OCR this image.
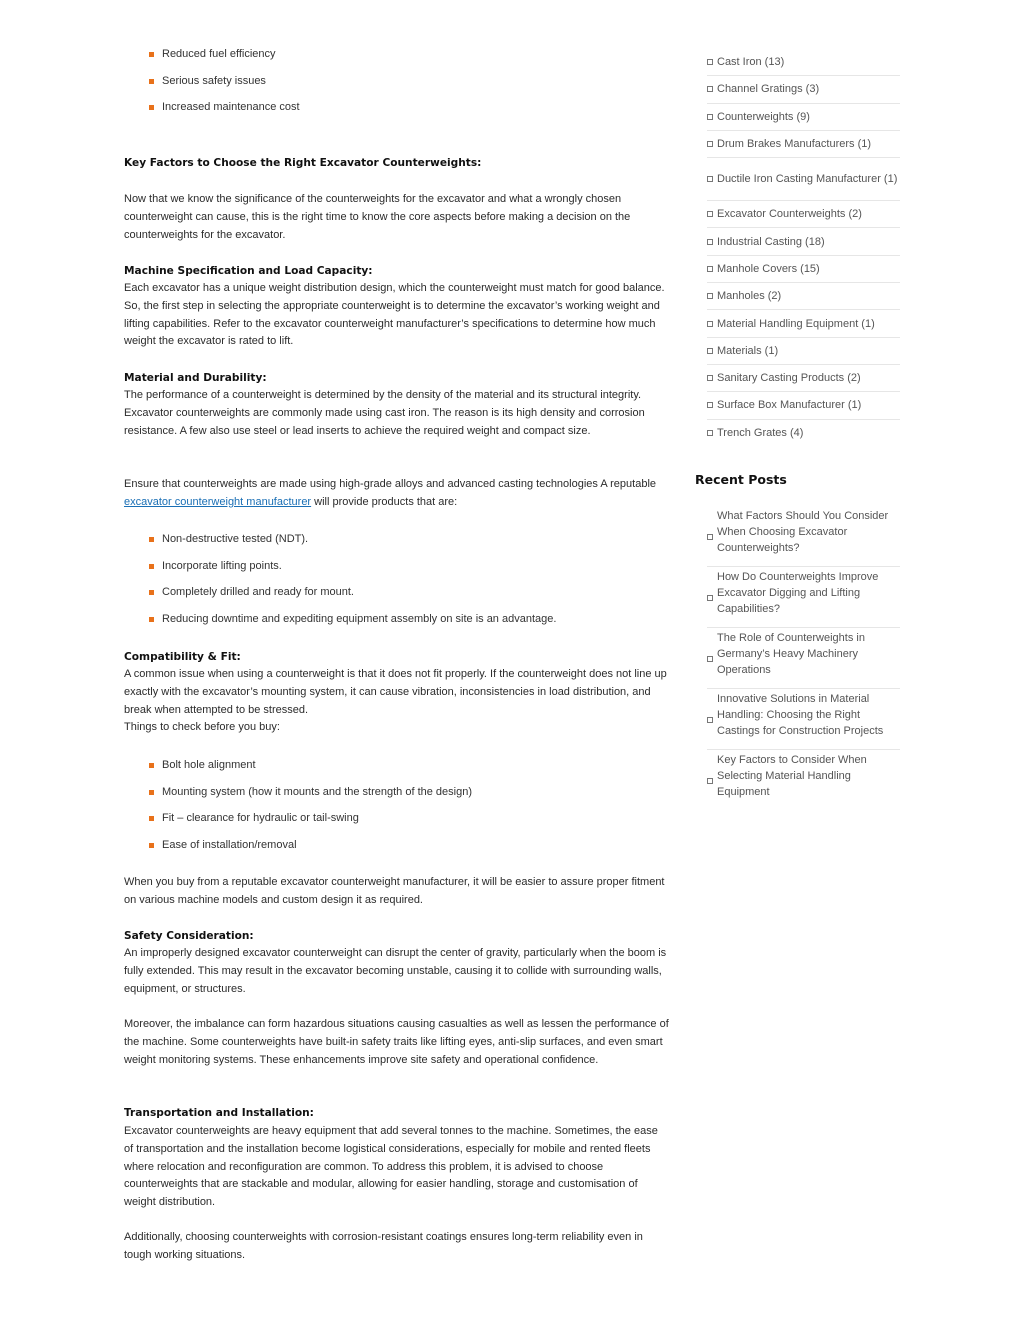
Reduced fuel efficiency
Serious safety issues
Increased maintenance cost
Key Factors to Choose the Right Excavator Counterweights:

Now that we know the significance of the counterweights for the excavator and what a wrongly chosen counterweight can cause, this is the right time to know the core aspects before making a decision on the counterweights for the excavator.

Machine Specification and Load Capacity:

Each excavator has a unique weight distribution design, which the counterweight must match for good balance. So, the first step in selecting the appropriate counterweight is to determine the excavator’s working weight and lifting capabilities. Refer to the excavator counterweight manufacturer’s specifications to determine how much weight the excavator is rated to lift.

Material and Durability:

The performance of a counterweight is determined by the density of the material and its structural integrity. Excavator counterweights are commonly made using cast iron. The reason is its high density and corrosion resistance. A few also use steel or lead inserts to achieve the required weight and compact size.

Ensure that counterweights are made using high-grade alloys and advanced casting technologies A reputable excavator counterweight manufacturer will provide products that are:

Non-destructive tested (NDT).
Incorporate lifting points.
Completely drilled and ready for mount.
Reducing downtime and expediting equipment assembly on site is an advantage.
Compatibility & Fit:

A common issue when using a counterweight is that it does not fit properly. If the counterweight does not line up exactly with the excavator’s mounting system, it can cause vibration, inconsistencies in load distribution, and break when attempted to be stressed.
Things to check before you buy:

Bolt hole alignment
Mounting system (how it mounts and the strength of the design)
Fit – clearance for hydraulic or tail-swing
Ease of installation/removal

When you buy from a reputable excavator counterweight manufacturer, it will be easier to assure proper fitment on various machine models and custom design it as required.

Safety Consideration:

An improperly designed excavator counterweight can disrupt the center of gravity, particularly when the boom is fully extended. This may result in the excavator becoming unstable, causing it to collide with surrounding walls, equipment, or structures.

Moreover, the imbalance can form hazardous situations causing casualties as well as lessen the performance of the machine. Some counterweights have built-in safety traits like lifting eyes, anti-slip surfaces, and even smart weight monitoring systems. These enhancements improve site safety and operational confidence.

Transportation and Installation:

Excavator counterweights are heavy equipment that add several tonnes to the machine. Sometimes, the ease of transportation and the installation become logistical considerations, especially for mobile and rented fleets where relocation and reconfiguration are common. To address this problem, it is advised to choose counterweights that are stackable and modular, allowing for easier handling, storage and customisation of weight distribution.

Additionally, choosing counterweights with corrosion-resistant coatings ensures long-term reliability even in tough working situations.

Cast Iron (13)
Channel Gratings (3)
Counterweights (9)
Drum Brakes Manufacturers (1)
Ductile Iron Casting Manufacturer (1)
Excavator Counterweights (2)
Industrial Casting (18)
Manhole Covers (15)
Manholes (2)
Material Handling Equipment (1)
Materials (1)
Sanitary Casting Products (2)
Surface Box Manufacturer (1)
Trench Grates (4)
What Factors Should You Consider When Choosing Excavator Counterweights?
How Do Counterweights Improve Excavator Digging and Lifting Capabilities?
The Role of Counterweights in Germany’s Heavy Machinery Operations
Innovative Solutions in Material Handling: Choosing the Right Castings for Construction Projects
Key Factors to Consider When Selecting Material Handling Equipment
Recent Posts
